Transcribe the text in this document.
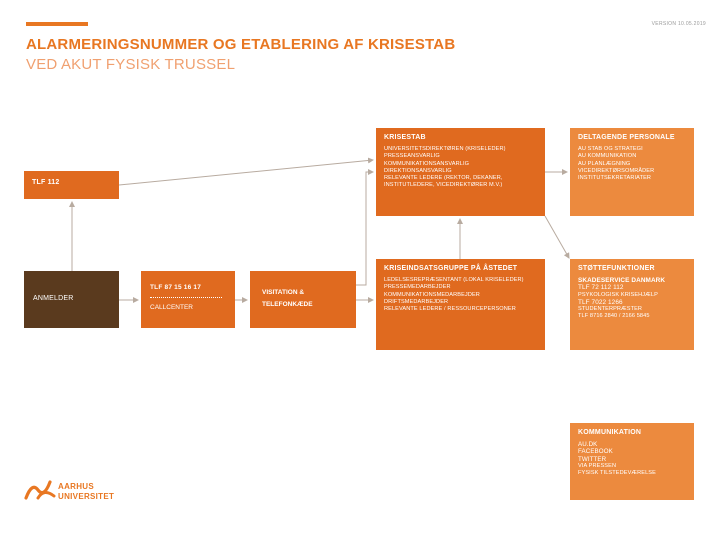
VERSION 10.05.2019
ALARMERINGSNUMMER OG ETABLERING AF KRISESTAB
VED AKUT FYSISK TRUSSEL
TLF 112
ANMELDER
TLF 87 15 16 17
CALLCENTER
VISITATION &
TELEFONKÆDE
KRISESTAB
UNIVERSITETSDIREKTØREN (KRISELEDER)
PRESSEANSVARLIG
KOMMUNIKATIONSANSVARLIG
DIREKTIONSANSVARLIG
RELEVANTE LEDERE (REKTOR, DEKANER,
INSTITUTLEDERE, VICEDIREKTØRER M.V.)
DELTAGENDE PERSONALE
AU STAB OG STRATEGI
AU KOMMUNIKATION
AU PLANLÆGNING
VICEDIREKTØRSOMRÅDER
INSTITUTSEKRETARIATER
KRISEINDSATSGRUPPE PÅ ÅSTEDET
LEDELSESREPRÆSENTANT (LOKAL KRISELEDER)
PRESSEMEDARBEJDER
KOMMUNIKATIONSMEDARBEJDER
DRIFTSMEDARBEJDER
RELEVANTE LEDERE / RESSOURCEPERSONER
STØTTEFUNKTIONER
SKADESERVICE DANMARK
TLF 72 112 112
PSYKOLOGISK KRISEHJÆLP
TLF 7022 1266
STUDENTERPRÆSTER
TLF 8716 2840 / 2166 5845
KOMMUNIKATION
AU.DK
FACEBOOK
TWITTER
VIA PRESSEN
FYSISK TILSTEDEVÆRELSE
AARHUS
UNIVERSITET
